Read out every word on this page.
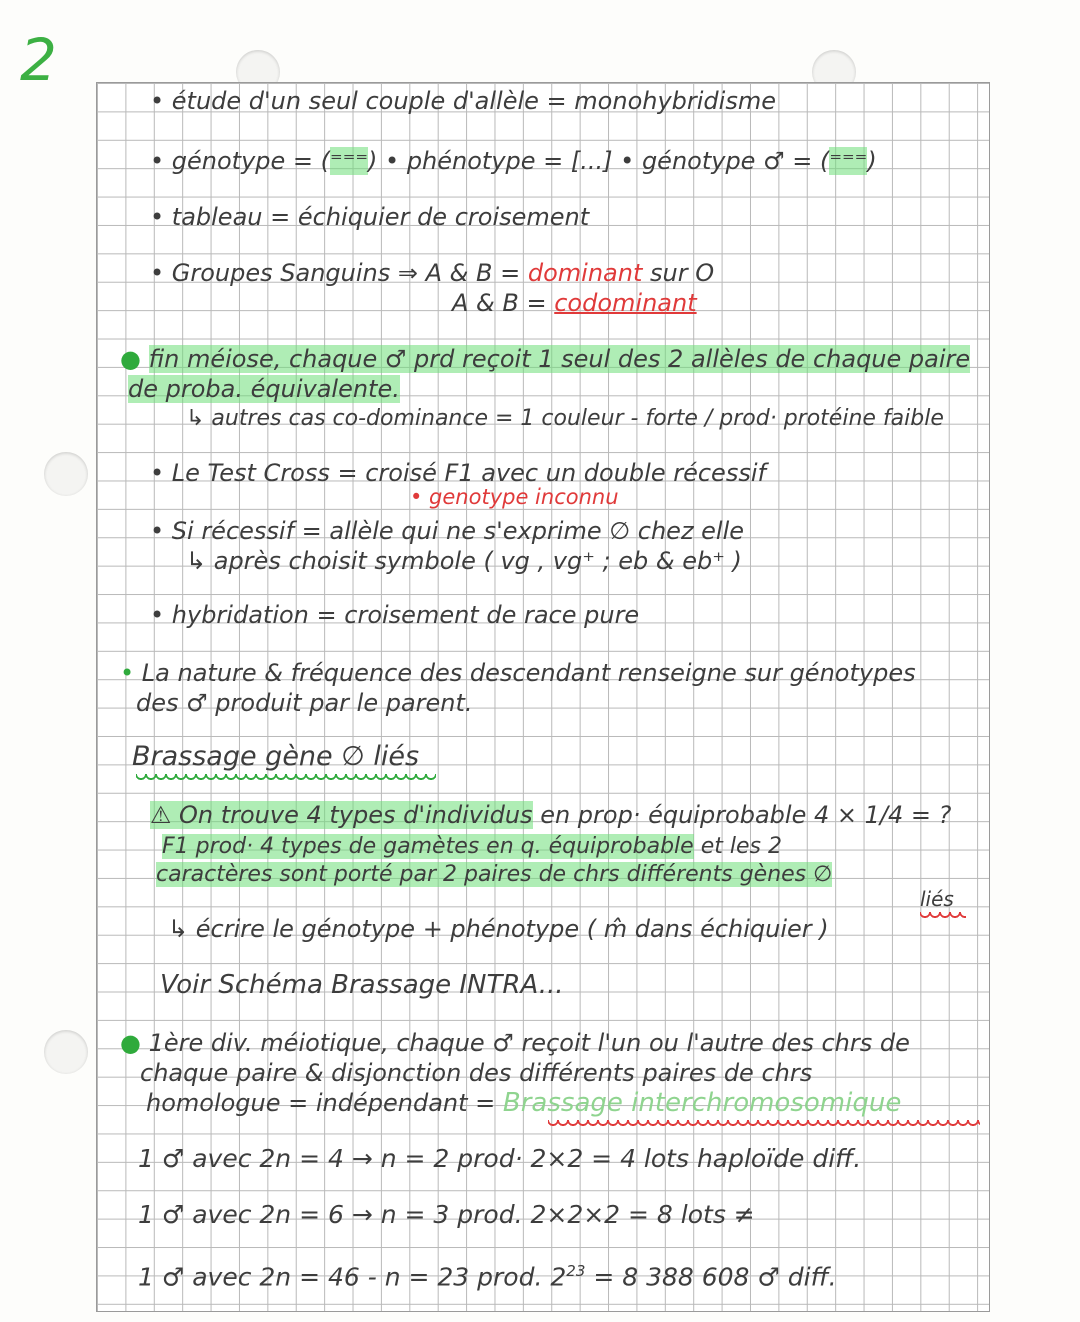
2
• étude d'un seul couple d'allèle = monohybridisme
• génotype = (⁼⁼⁼) • phénotype = [...] • génotype ♂ = (⁼⁼⁼)
• tableau = échiquier de croisement
• Groupes Sanguins ⇒ A & B = dominant sur O
A & B = codominant
● fin méiose, chaque ♂ prd reçoit 1 seul des 2 allèles de chaque paire
de proba. équivalente.
↳ autres cas co-dominance = 1 couleur - forte / prod· protéine faible
• Le Test Cross = croisé F1 avec un double récessif
• genotype inconnu
• Si récessif = allèle qui ne s'exprime ∅ chez elle
↳ après choisit symbole ( vg , vg⁺ ; eb & eb⁺ )
• hybridation = croisement de race pure
• La nature & fréquence des descendant renseigne sur génotypes
des ♂ produit par le parent.
Brassage gène ∅ liés
⚠ On trouve 4 types d'individus en prop· équiprobable 4 × 1/4 = ?
F1 prod· 4 types de gamètes en q. équiprobable et les 2
caractères sont porté par 2 paires de chrs différents gènes ∅
liés
↳ écrire le génotype + phénotype ( m̂ dans échiquier )
Voir Schéma Brassage INTRA...
● 1ère div. méiotique, chaque ♂ reçoit l'un ou l'autre des chrs de
chaque paire & disjonction des différents paires de chrs
homologue = indépendant = Brassage interchromosomique
1 ♂ avec 2n = 4 → n = 2 prod· 2×2 = 4 lots haploïde diff.
1 ♂ avec 2n = 6 → n = 3 prod. 2×2×2 = 8 lots ≠
1 ♂ avec 2n = 46 - n = 23 prod. $2^{23} = 8$ 388 608 ♂ diff.
